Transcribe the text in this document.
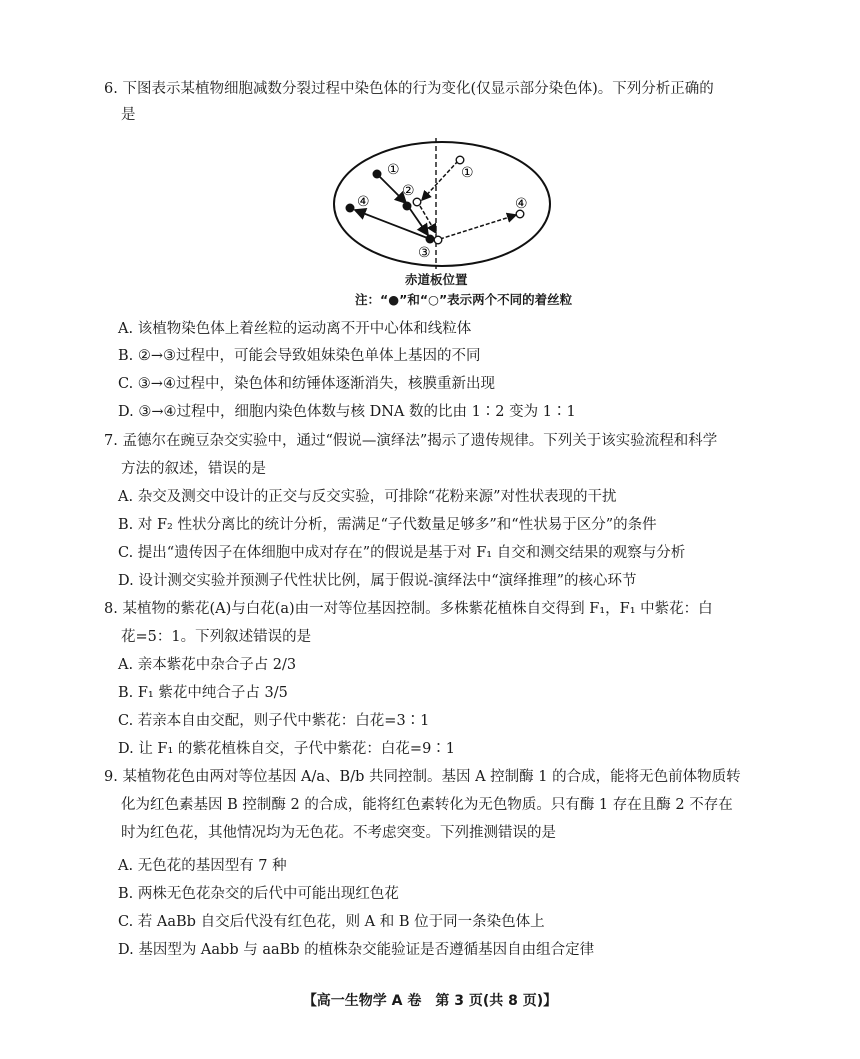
6. 下图表示某植物细胞减数分裂过程中染色体的行为变化(仅显示部分染色体)。下列分析正确的
是
①
②
③
④
①
④
赤道板位置
注：“●”和“○”表示两个不同的着丝粒
A. 该植物染色体上着丝粒的运动离不开中心体和线粒体
B. ②→③过程中，可能会导致姐妹染色单体上基因的不同
C. ③→④过程中，染色体和纺锤体逐渐消失，核膜重新出现
D. ③→④过程中，细胞内染色体数与核 DNA 数的比由 1∶2 变为 1∶1
7. 孟德尔在豌豆杂交实验中，通过“假说—演绎法”揭示了遗传规律。下列关于该实验流程和科学
方法的叙述，错误的是
A. 杂交及测交中设计的正交与反交实验，可排除“花粉来源”对性状表现的干扰
B. 对 F₂ 性状分离比的统计分析，需满足“子代数量足够多”和“性状易于区分”的条件
C. 提出“遗传因子在体细胞中成对存在”的假说是基于对 F₁ 自交和测交结果的观察与分析
D. 设计测交实验并预测子代性状比例，属于假说-演绎法中“演绎推理”的核心环节
8. 某植物的紫花(A)与白花(a)由一对等位基因控制。多株紫花植株自交得到 F₁，F₁ 中紫花：白
花=5：1。下列叙述错误的是
A. 亲本紫花中杂合子占 2/3
B. F₁ 紫花中纯合子占 3/5
C. 若亲本自由交配，则子代中紫花：白花=3∶1
D. 让 F₁ 的紫花植株自交，子代中紫花：白花=9∶1
9. 某植物花色由两对等位基因 A/a、B/b 共同控制。基因 A 控制酶 1 的合成，能将无色前体物质转
化为红色素基因 B 控制酶 2 的合成，能将红色素转化为无色物质。只有酶 1 存在且酶 2 不存在
时为红色花，其他情况均为无色花。不考虑突变。下列推测错误的是
A. 无色花的基因型有 7 种
B. 两株无色花杂交的后代中可能出现红色花
C. 若 AaBb 自交后代没有红色花，则 A 和 B 位于同一条染色体上
D. 基因型为 Aabb 与 aaBb 的植株杂交能验证是否遵循基因自由组合定律
【高一生物学 A 卷　第 3 页(共 8 页)】
